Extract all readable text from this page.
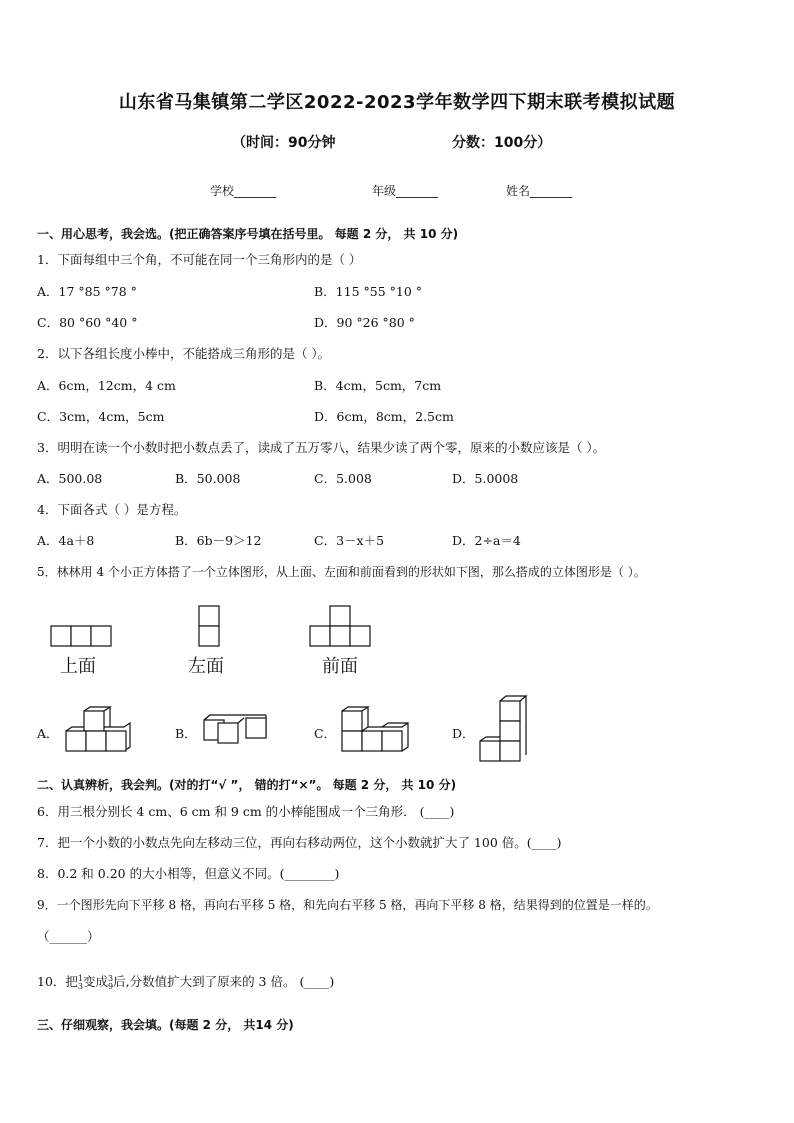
山东省马集镇第二学区2022-2023学年数学四下期末联考模拟试题
（时间：90分钟	分数：100分）
学校_______	年级_______	姓名_______
一、用心思考，我会选。(把正确答案序号填在括号里。 每题 2 分， 共 10 分)
1．下面每组中三个角，不可能在同一个三角形内的是（ ）
A．17 °85 °78 °	B．115 °55 °10 °
C．80 °60 °40 °	D．90 °26 °80 °
2．以下各组长度小棒中，不能搭成三角形的是（ ）。
A．6cm，12cm，4 cm	B．4cm，5cm，7cm
C．3cm，4cm，5cm	D．6cm，8cm，2.5cm
3．明明在读一个小数时把小数点丢了，读成了五万零八，结果少读了两个零，原来的小数应该是（ ）。
A．500.08	B．50.008	C．5.008	D．5.0008
4．下面各式（ ）是方程。
A．4a＋8	B．6b－9＞12	C．3－x＋5	D．2÷a＝4
5．林林用 4 个小正方体搭了一个立体图形，从上面、左面和前面看到的形状如下图，那么搭成的立体图形是（ ）。
上面	左面	前面
A．	B．	C．	D．
二、认真辨析，我会判。(对的打“√ ”， 错的打“×”。 每题 2 分， 共 10 分)
6．用三根分别长 4 cm、6 cm 和 9 cm 的小棒能围成一个三角形． (____)
7．把一个小数的小数点先向左移动三位，再向右移动两位，这个小数就扩大了 100 倍。(____)
8．0.2 和 0.20 的大小相等，但意义不同。(________)
9．一个图形先向下平移 8 格，再向右平移 5 格，和先向右平移 5 格，再向下平移 8 格，结果得到的位置是一样的。
（______）
10．把 1
3 变成 3
9 后,分数值扩大到了原来的 3 倍。 (____)
三、仔细观察，我会填。(每题 2 分， 共14 分)
